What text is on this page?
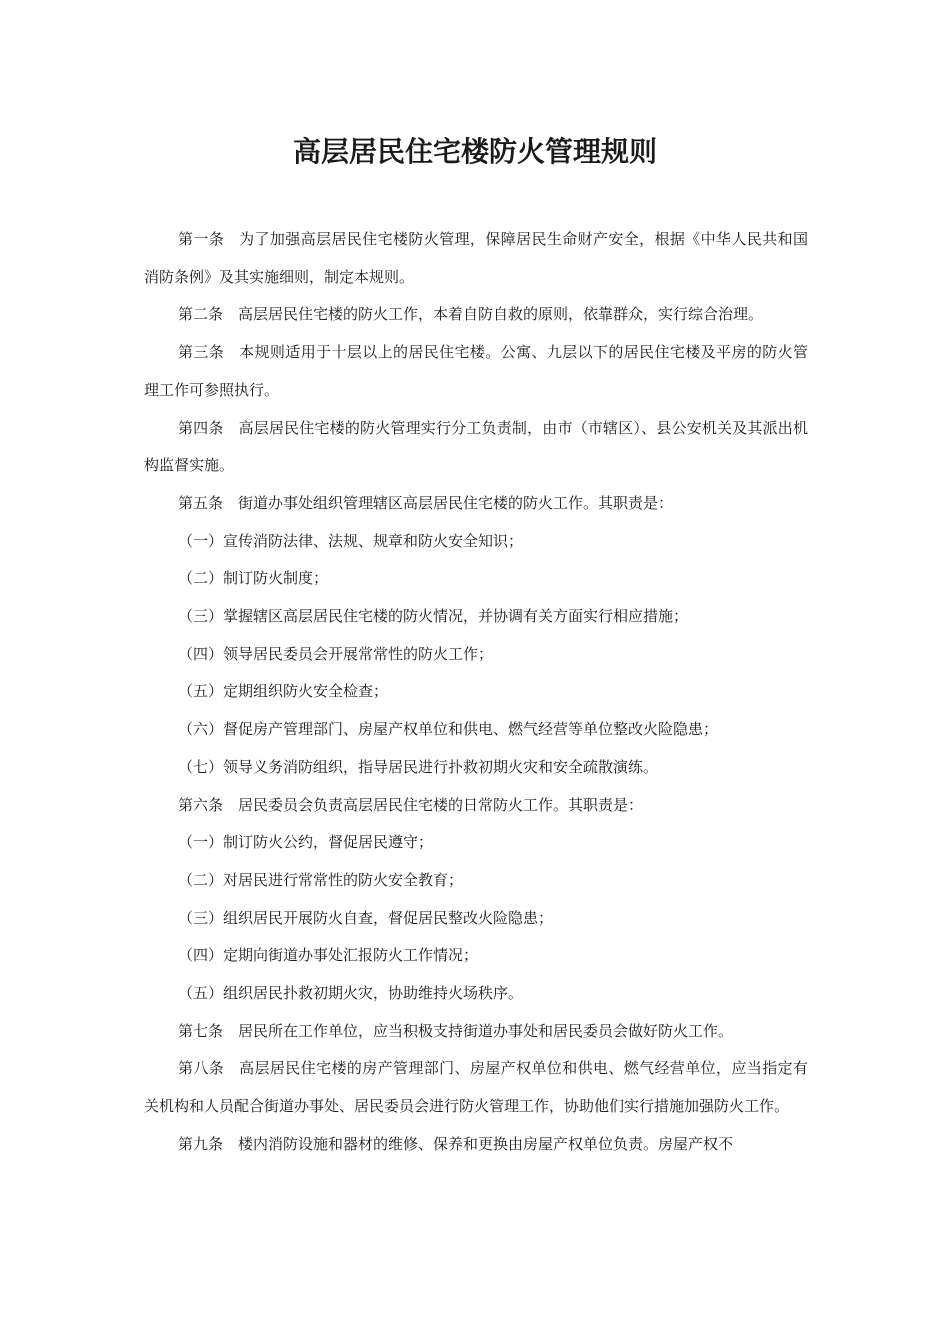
高层居民住宅楼防火管理规则

第一条 为了加强高层居民住宅楼防火管理，保障居民生命财产安全，根据《中华人民共和国消防条例》及其实施细则，制定本规则。

第二条 高层居民住宅楼的防火工作，本着自防自救的原则，依靠群众，实行综合治理。

第三条 本规则适用于十层以上的居民住宅楼。公寓、九层以下的居民住宅楼及平房的防火管理工作可参照执行。

第四条 高层居民住宅楼的防火管理实行分工负责制，由市（市辖区）、县公安机关及其派出机构监督实施。

第五条 街道办事处组织管理辖区高层居民住宅楼的防火工作。其职责是：

（一）宣传消防法律、法规、规章和防火安全知识；

（二）制订防火制度；

（三）掌握辖区高层居民住宅楼的防火情况，并协调有关方面实行相应措施；

（四）领导居民委员会开展常常性的防火工作；

（五）定期组织防火安全检查；

（六）督促房产管理部门、房屋产权单位和供电、燃气经营等单位整改火险隐患；

（七）领导义务消防组织，指导居民进行扑救初期火灾和安全疏散演练。

第六条 居民委员会负责高层居民住宅楼的日常防火工作。其职责是：

（一）制订防火公约，督促居民遵守；

（二）对居民进行常常性的防火安全教育；

（三）组织居民开展防火自查，督促居民整改火险隐患；

（四）定期向街道办事处汇报防火工作情况；

（五）组织居民扑救初期火灾，协助维持火场秩序。

第七条 居民所在工作单位，应当积极支持街道办事处和居民委员会做好防火工作。

第八条 高层居民住宅楼的房产管理部门、房屋产权单位和供电、燃气经营单位，应当指定有关机构和人员配合街道办事处、居民委员会进行防火管理工作，协助他们实行措施加强防火工作。

第九条 楼内消防设施和器材的维修、保养和更换由房屋产权单位负责。房屋产权不
